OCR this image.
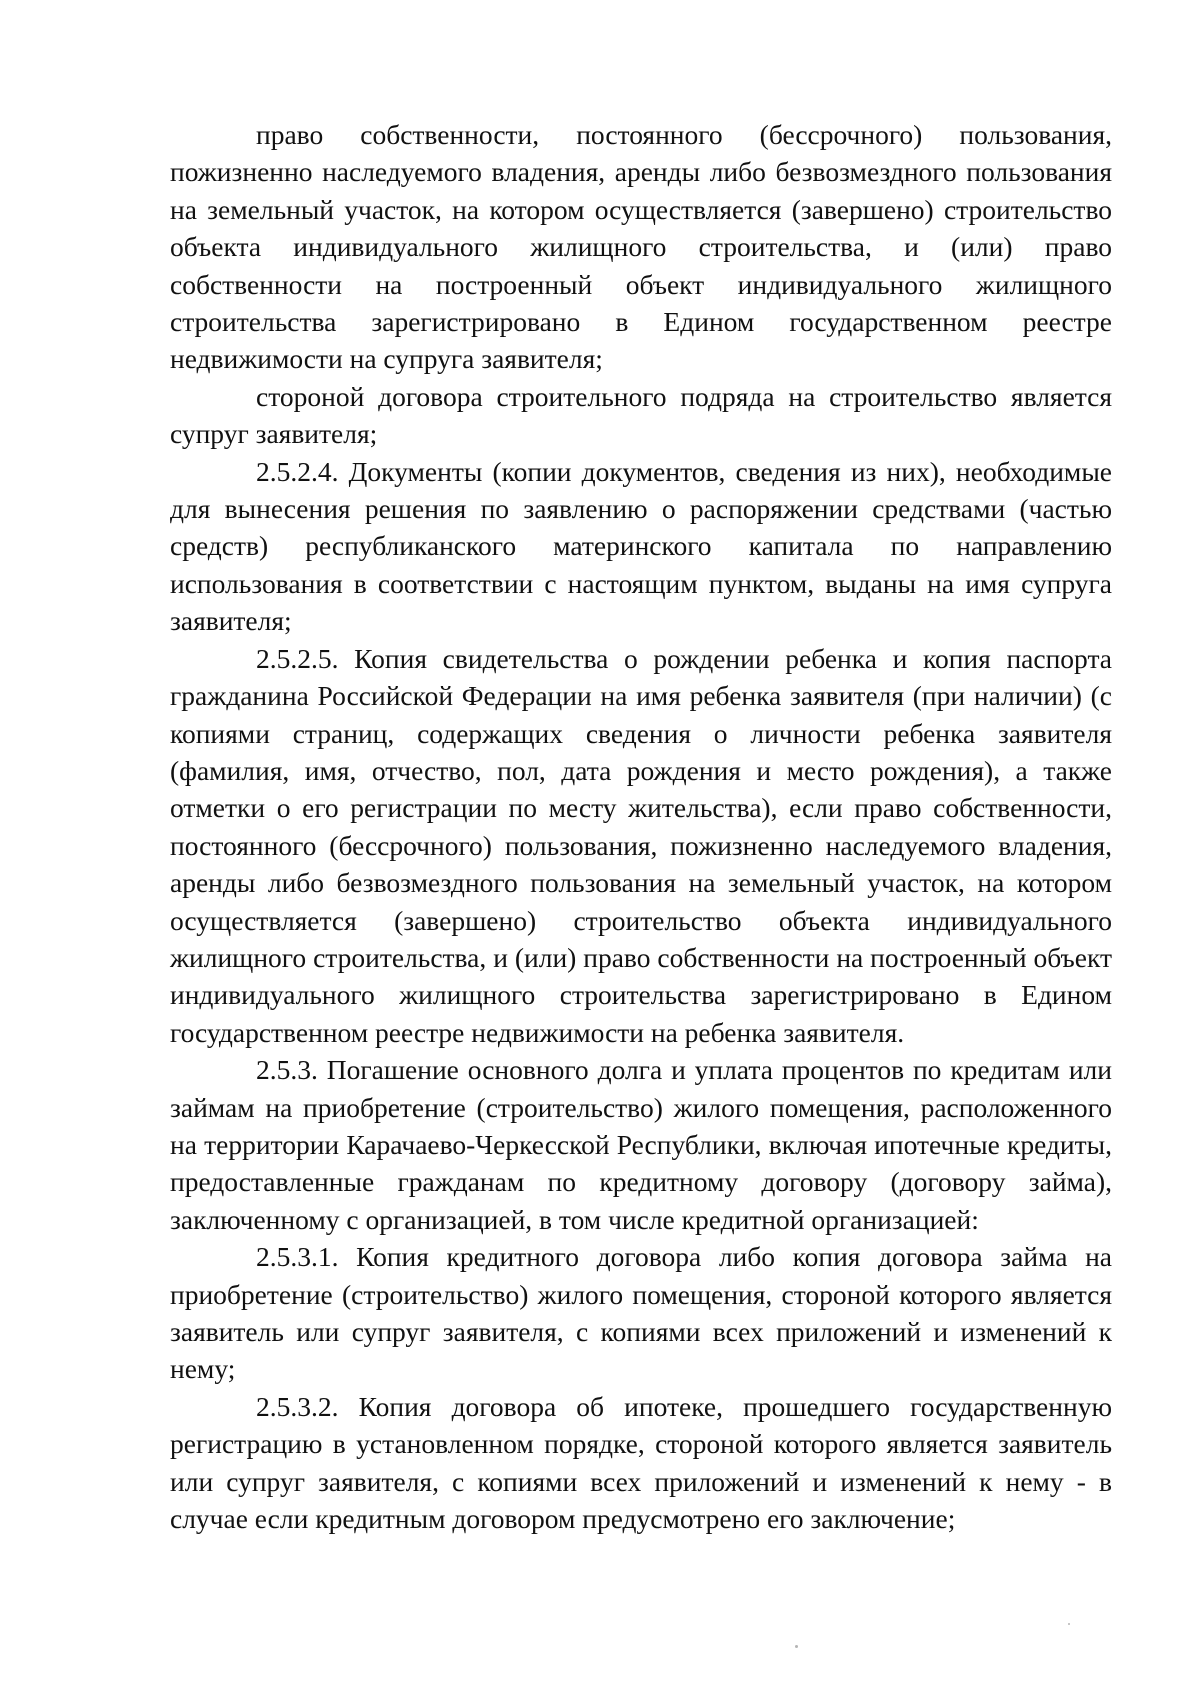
право собственности, постоянного (бессрочного) пользования, пожизненно наследуемого владения, аренды либо безвозмездного пользования на земельный участок, на котором осуществляется (завершено) строительство объекта индивидуального жилищного строительства, и (или) право собственности на построенный объект индивидуального жилищного строительства зарегистрировано в Едином государственном реестре недвижимости на супруга заявителя;

стороной договора строительного подряда на строительство является супруг заявителя;

2.5.2.4. Документы (копии документов, сведения из них), необходимые для вынесения решения по заявлению о распоряжении средствами (частью средств) республиканского материнского капитала по направлению использования в соответствии с настоящим пунктом, выданы на имя супруга заявителя;

2.5.2.5. Копия свидетельства о рождении ребенка и копия паспорта гражданина Российской Федерации на имя ребенка заявителя (при наличии) (с копиями страниц, содержащих сведения о личности ребенка заявителя (фамилия, имя, отчество, пол, дата рождения и место рождения), а также отметки о его регистрации по месту жительства), если право собственности, постоянного (бессрочного) пользования, пожизненно наследуемого владения, аренды либо безвозмездного пользования на земельный участок, на котором осуществляется (завершено) строительство объекта индивидуального жилищного строительства, и (или) право собственности на построенный объект индивидуального жилищного строительства зарегистрировано в Едином государственном реестре недвижимости на ребенка заявителя.

2.5.3. Погашение основного долга и уплата процентов по кредитам или займам на приобретение (строительство) жилого помещения, расположенного на территории Карачаево-Черкесской Республики, включая ипотечные кредиты, предоставленные гражданам по кредитному договору (договору займа), заключенному с организацией, в том числе кредитной организацией:

2.5.3.1. Копия кредитного договора либо копия договора займа на приобретение (строительство) жилого помещения, стороной которого является заявитель или супруг заявителя, с копиями всех приложений и изменений к нему;

2.5.3.2. Копия договора об ипотеке, прошедшего государственную регистрацию в установленном порядке, стороной которого является заявитель или супруг заявителя, с копиями всех приложений и изменений к нему - в случае если кредитным договором предусмотрено его заключение;
